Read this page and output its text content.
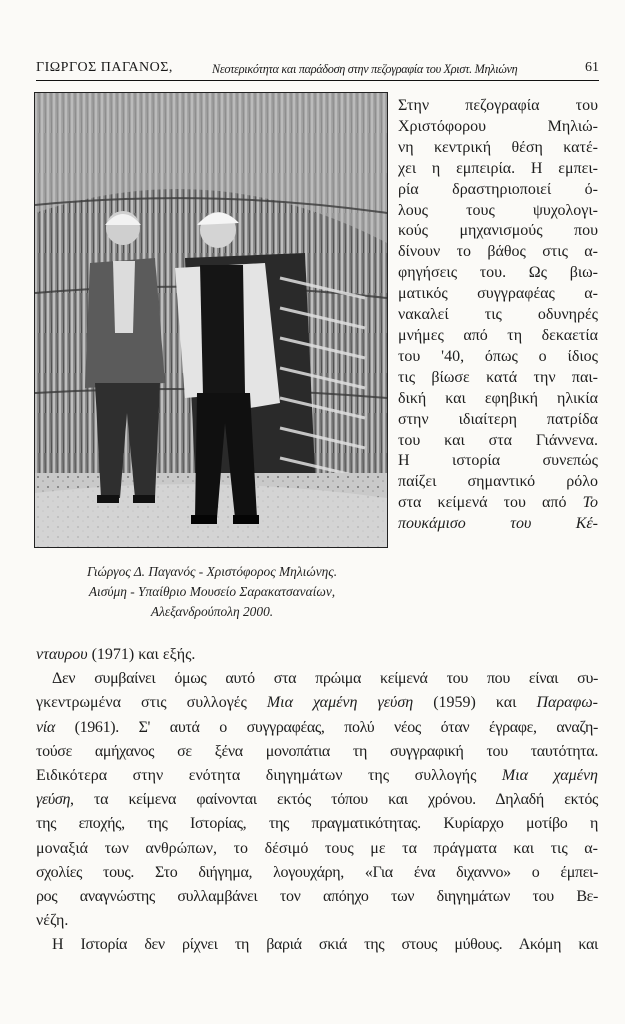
ΓΙΩΡΓΟΣ ΠΑΓΑΝΟΣ,	Νεοτερικότητα και παράδοση στην πεζογραφία του Χριστ. Μηλιώνη	61
Γιώργος Δ. Παγανός - Χριστόφορος Μηλιώνης.
Αισύμη - Υπαίθριο Μουσείο Σαρακατσαναίων,
Αλεξανδρούπολη 2000.
Στην πεζογραφία του
Χριστόφορου Μηλιώ-
νη κεντρική θέση κατέ-
χει η εμπειρία. Η εμπει-
ρία δραστηριοποιεί ό-
λους τους ψυχολογι-
κούς μηχανισμούς που
δίνουν το βάθος στις α-
φηγήσεις του. Ως βιω-
ματικός συγγραφέας α-
νακαλεί τις οδυνηρές
μνήμες από τη δεκαετία
του '40, όπως ο ίδιος
τις βίωσε κατά την παι-
δική και εφηβική ηλικία
στην ιδιαίτερη πατρίδα
του και στα Γιάννενα.
Η ιστορία συνεπώς
παίζει σημαντικό ρόλο
στα κείμενά του από Το
πουκάμισο του Κέ-
νταυρου (1971) και εξής.
Δεν συμβαίνει όμως αυτό στα πρώιμα κείμενά του που είναι συ-
γκεντρωμένα στις συλλογές Μια χαμένη γεύση (1959) και Παραφω-
νία (1961). Σ' αυτά ο συγγραφέας, πολύ νέος όταν έγραφε, αναζη-
τούσε αμήχανος σε ξένα μονοπάτια τη συγγραφική του ταυτότητα.
Ειδικότερα στην ενότητα διηγημάτων της συλλογής Μια χαμένη
γεύση, τα κείμενα φαίνονται εκτός τόπου και χρόνου. Δηλαδή εκτός
της εποχής, της Ιστορίας, της πραγματικότητας. Κυρίαρχο μοτίβο η
μοναξιά των ανθρώπων, το δέσιμό τους με τα πράγματα και τις α-
σχολίες τους. Στο διήγημα, λογουχάρη, «Για ένα διχαννο» ο έμπει-
ρος αναγνώστης συλλαμβάνει τον απόηχο των διηγημάτων του Βε-
νέζη.
Η Ιστορία δεν ρίχνει τη βαριά σκιά της στους μύθους. Ακόμη και
